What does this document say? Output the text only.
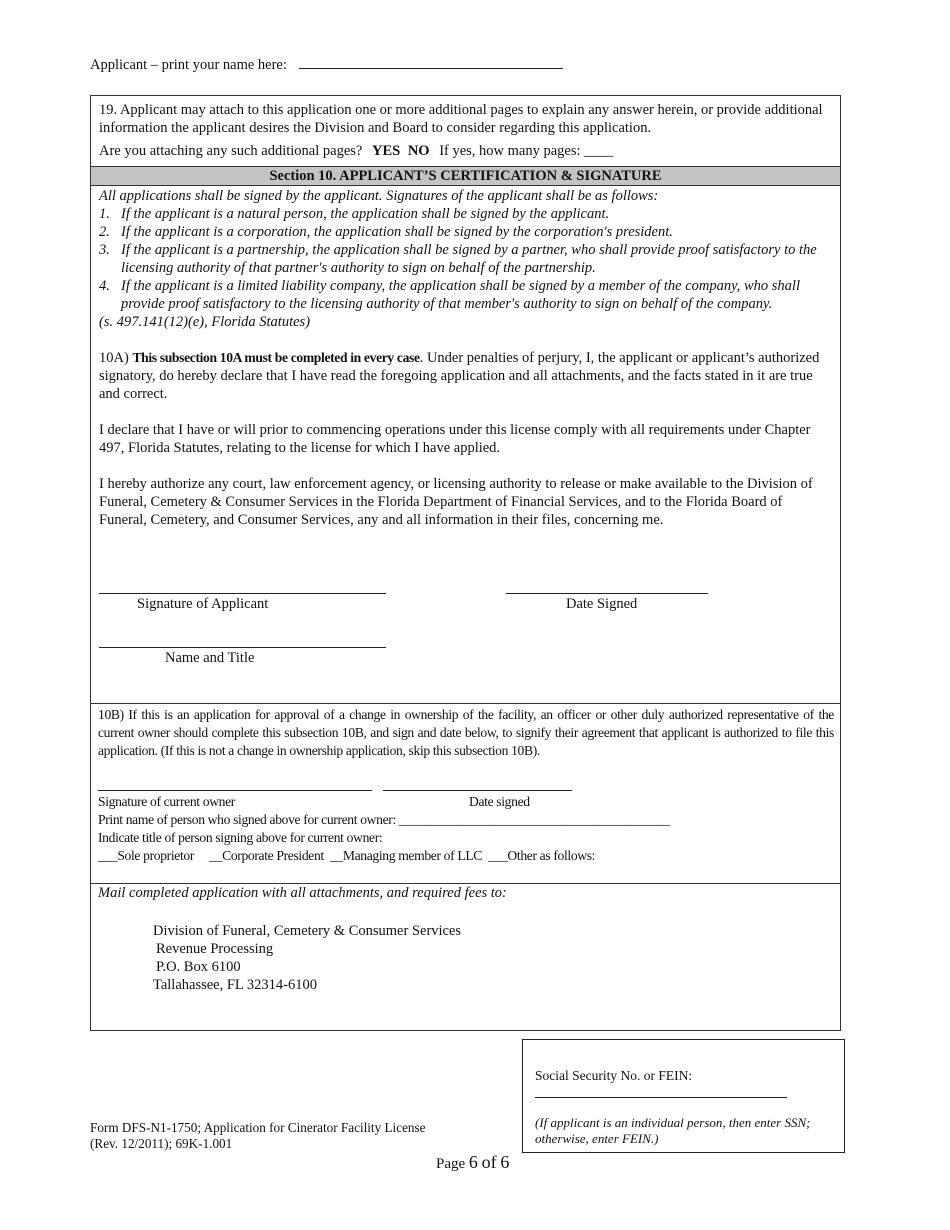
Applicant – print your name here:

19. Applicant may attach to this application one or more additional pages to explain any answer herein, or provide additional information the applicant desires the Division and Board to consider regarding this application.

Are you attaching any such additional pages? YES NO If yes, how many pages: ____

Section 10. APPLICANT’S CERTIFICATION & SIGNATURE

All applications shall be signed by the applicant. Signatures of the applicant shall be as follows:

1. If the applicant is a natural person, the application shall be signed by the applicant.
2. If the applicant is a corporation, the application shall be signed by the corporation's president.
3. If the applicant is a partnership, the application shall be signed by a partner, who shall provide proof satisfactory to the licensing authority of that partner's authority to sign on behalf of the partnership.
4. If the applicant is a limited liability company, the application shall be signed by a member of the company, who shall provide proof satisfactory to the licensing authority of that member's authority to sign on behalf of the company.

(s. 497.141(12)(e), Florida Statutes)

10A) This subsection 10A must be completed in every case. Under penalties of perjury, I, the applicant or applicant’s authorized signatory, do hereby declare that I have read the foregoing application and all attachments, and the facts stated in it are true and correct.

I declare that I have or will prior to commencing operations under this license comply with all requirements under Chapter 497, Florida Statutes, relating to the license for which I have applied.

I hereby authorize any court, law enforcement agency, or licensing authority to release or make available to the Division of Funeral, Cemetery & Consumer Services in the Florida Department of Financial Services, and to the Florida Board of Funeral, Cemetery, and Consumer Services, any and all information in their files, concerning me.

Signature of Applicant	Date Signed
Name and Title

10B) If this is an application for approval of a change in ownership of the facility, an officer or other duly authorized representative of the current owner should complete this subsection 10B, and sign and date below, to signify their agreement that applicant is authorized to file this application. (If this is not a change in ownership application, skip this subsection 10B).

Signature of current owner	Date signed
Print name of person who signed above for current owner: __________________________________________
Indicate title of person signing above for current owner:
___Sole proprietor     __Corporate President  __Managing member of LLC  ___Other as follows:

Mail completed application with all attachments, and required fees to:

Division of Funeral, Cemetery & Consumer Services

Revenue Processing

P.O. Box 6100

Tallahassee, FL 32314-6100

Social Security No. or FEIN:
(If applicant is an individual person, then enter SSN; otherwise, enter FEIN.)
Form DFS-N1-1750; Application for Cinerator Facility License
(Rev. 12/2011); 69K-1.001
Page 6 of 6
